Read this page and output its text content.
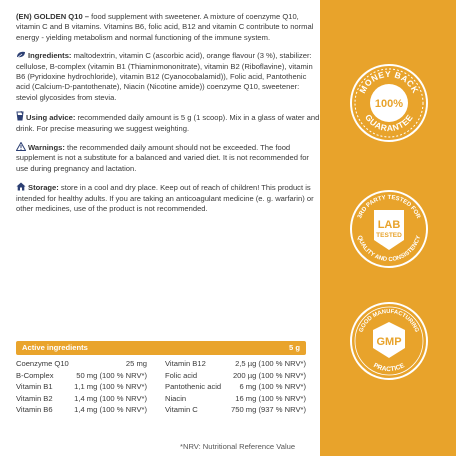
(EN) GOLDEN Q10 – food supplement with sweetener. A mixture of coenzyme Q10, vitamin C and B vitamins. Vitamins B6, folic acid, B12 and vitamin C contribute to normal energy - yielding metabolism and normal functioning of the immune system.

Ingredients: maltodextrin, vitamin C (ascorbic acid), orange flavour (3 %), stabilizer: cellulose, B-complex (vitamin B1 (Thiaminmononitrate), vitamin B2 (Riboflavine), vitamin B6 (Pyridoxine hydrochloride), vitamin B12 (Cyanocobalamid)), Folic acid, Pantothenic acid (Calcium-D-pantothenate), Niacin (Nicotine amide)) coenzyme Q10, sweetener: steviol glycosides from stevia.

Using advice: recommended daily amount is 5 g (1 scoop). Mix in a glass of water and drink. For precise measuring we suggest weighting.

Warnings: the recommended daily amount should not be exceeded. The food supplement is not a substitute for a balanced and varied diet. It is not recommended for use during pregnancy and lactation.

Storage: store in a cool and dry place. Keep out of reach of children! This product is intended for healthy adults. If you are taking an anticoagulant medicine (e. g. warfarin) or other medicines, use of the product is not recommended.

Active ingredients	5 g
Coenzyme Q10	25 mg
B-Complex	50 mg (100 % NRV*)
Vitamin B1	1,1 mg (100 % NRV*)
Vitamin B2	1,4 mg (100 % NRV*)
Vitamin B6	1,4 mg (100 % NRV*)
Vitamin B12	2,5 µg (100 % NRV*)
Folic acid	200 µg (100 % NRV*)
Pantothenic acid	6 mg (100 % NRV*)
Niacin	16 mg (100 % NRV*)
Vitamin C	750 mg (937 % NRV*)
*NRV: Nutritional Reference Value
MONEY BACK
GUARANTEE
100%
3RD PARTY TESTED FOR
QUALITY AND CONSISTENCY
LAB
TESTED
GOOD MANUFACTURING
PRACTICE
GMP
